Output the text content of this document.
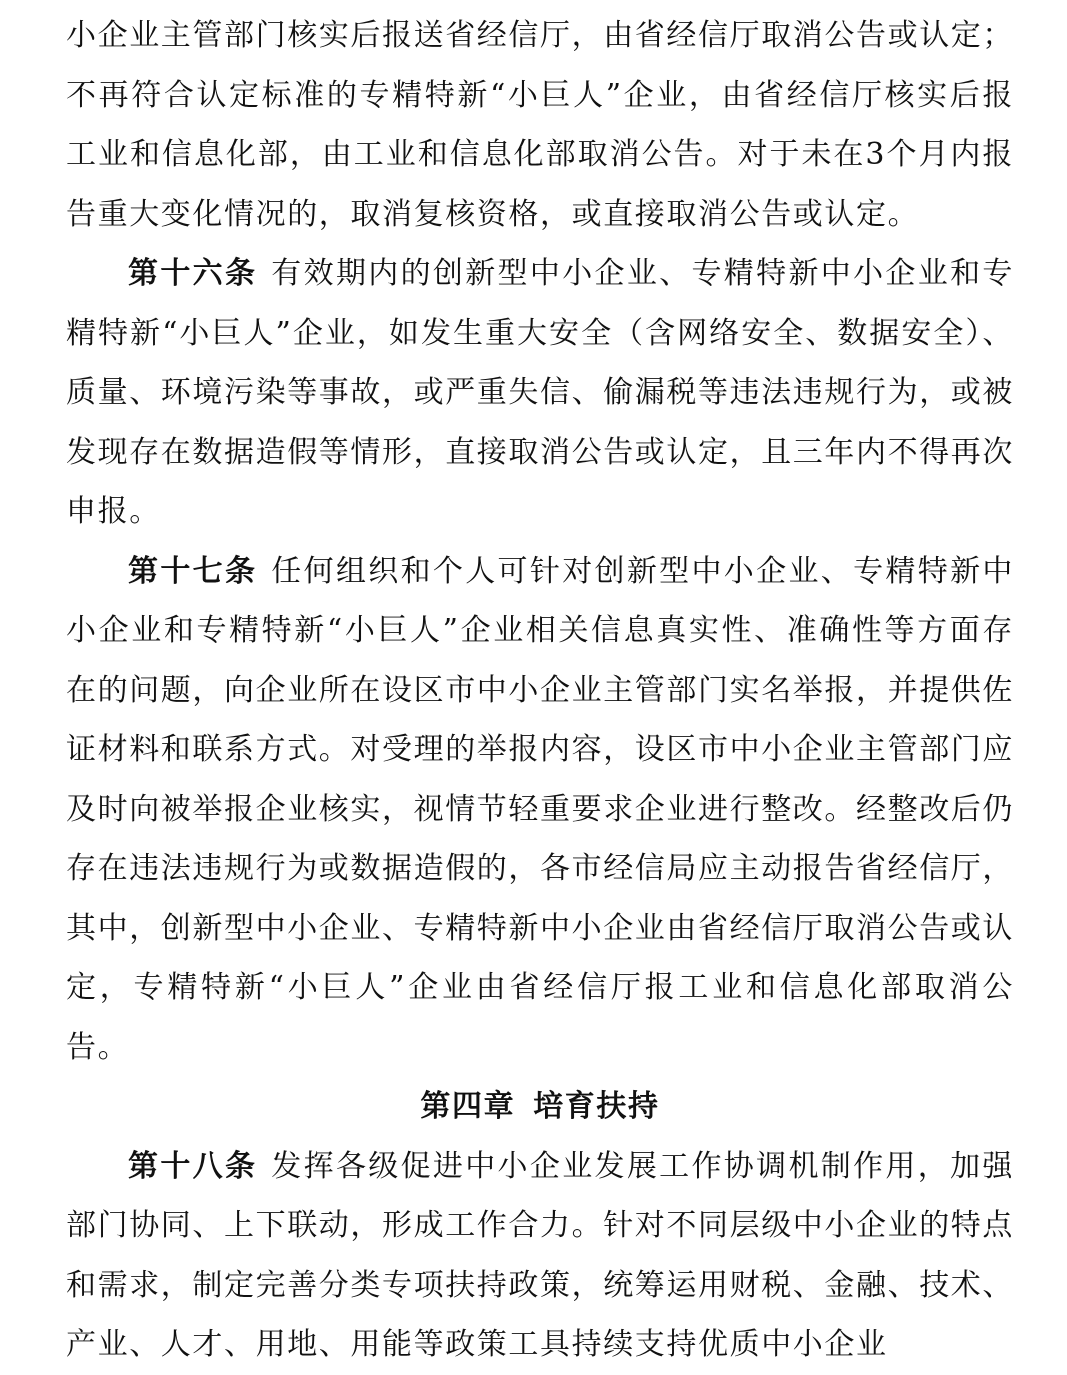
小企业主管部门核实后报送省经信厅，由省经信厅取消公告或认定；不再符合认定标准的专精特新“小巨人”企业，由省经信厅核实后报工业和信息化部，由工业和信息化部取消公告。对于未在3个月内报告重大变化情况的，取消复核资格，或直接取消公告或认定。

第十六条 有效期内的创新型中小企业、专精特新中小企业和专精特新“小巨人”企业，如发生重大安全（含网络安全、数据安全）、质量、环境污染等事故，或严重失信、偷漏税等违法违规行为，或被发现存在数据造假等情形，直接取消公告或认定，且三年内不得再次申报。

第十七条 任何组织和个人可针对创新型中小企业、专精特新中小企业和专精特新“小巨人”企业相关信息真实性、准确性等方面存在的问题，向企业所在设区市中小企业主管部门实名举报，并提供佐证材料和联系方式。对受理的举报内容，设区市中小企业主管部门应及时向被举报企业核实，视情节轻重要求企业进行整改。经整改后仍存在违法违规行为或数据造假的，各市经信局应主动报告省经信厅，其中，创新型中小企业、专精特新中小企业由省经信厅取消公告或认定，专精特新“小巨人”企业由省经信厅报工业和信息化部取消公告。

第四章 培育扶持

第十八条 发挥各级促进中小企业发展工作协调机制作用，加强部门协同、上下联动，形成工作合力。针对不同层级中小企业的特点和需求，制定完善分类专项扶持政策，统筹运用财税、金融、技术、产业、人才、用地、用能等政策工具持续支持优质中小企业
